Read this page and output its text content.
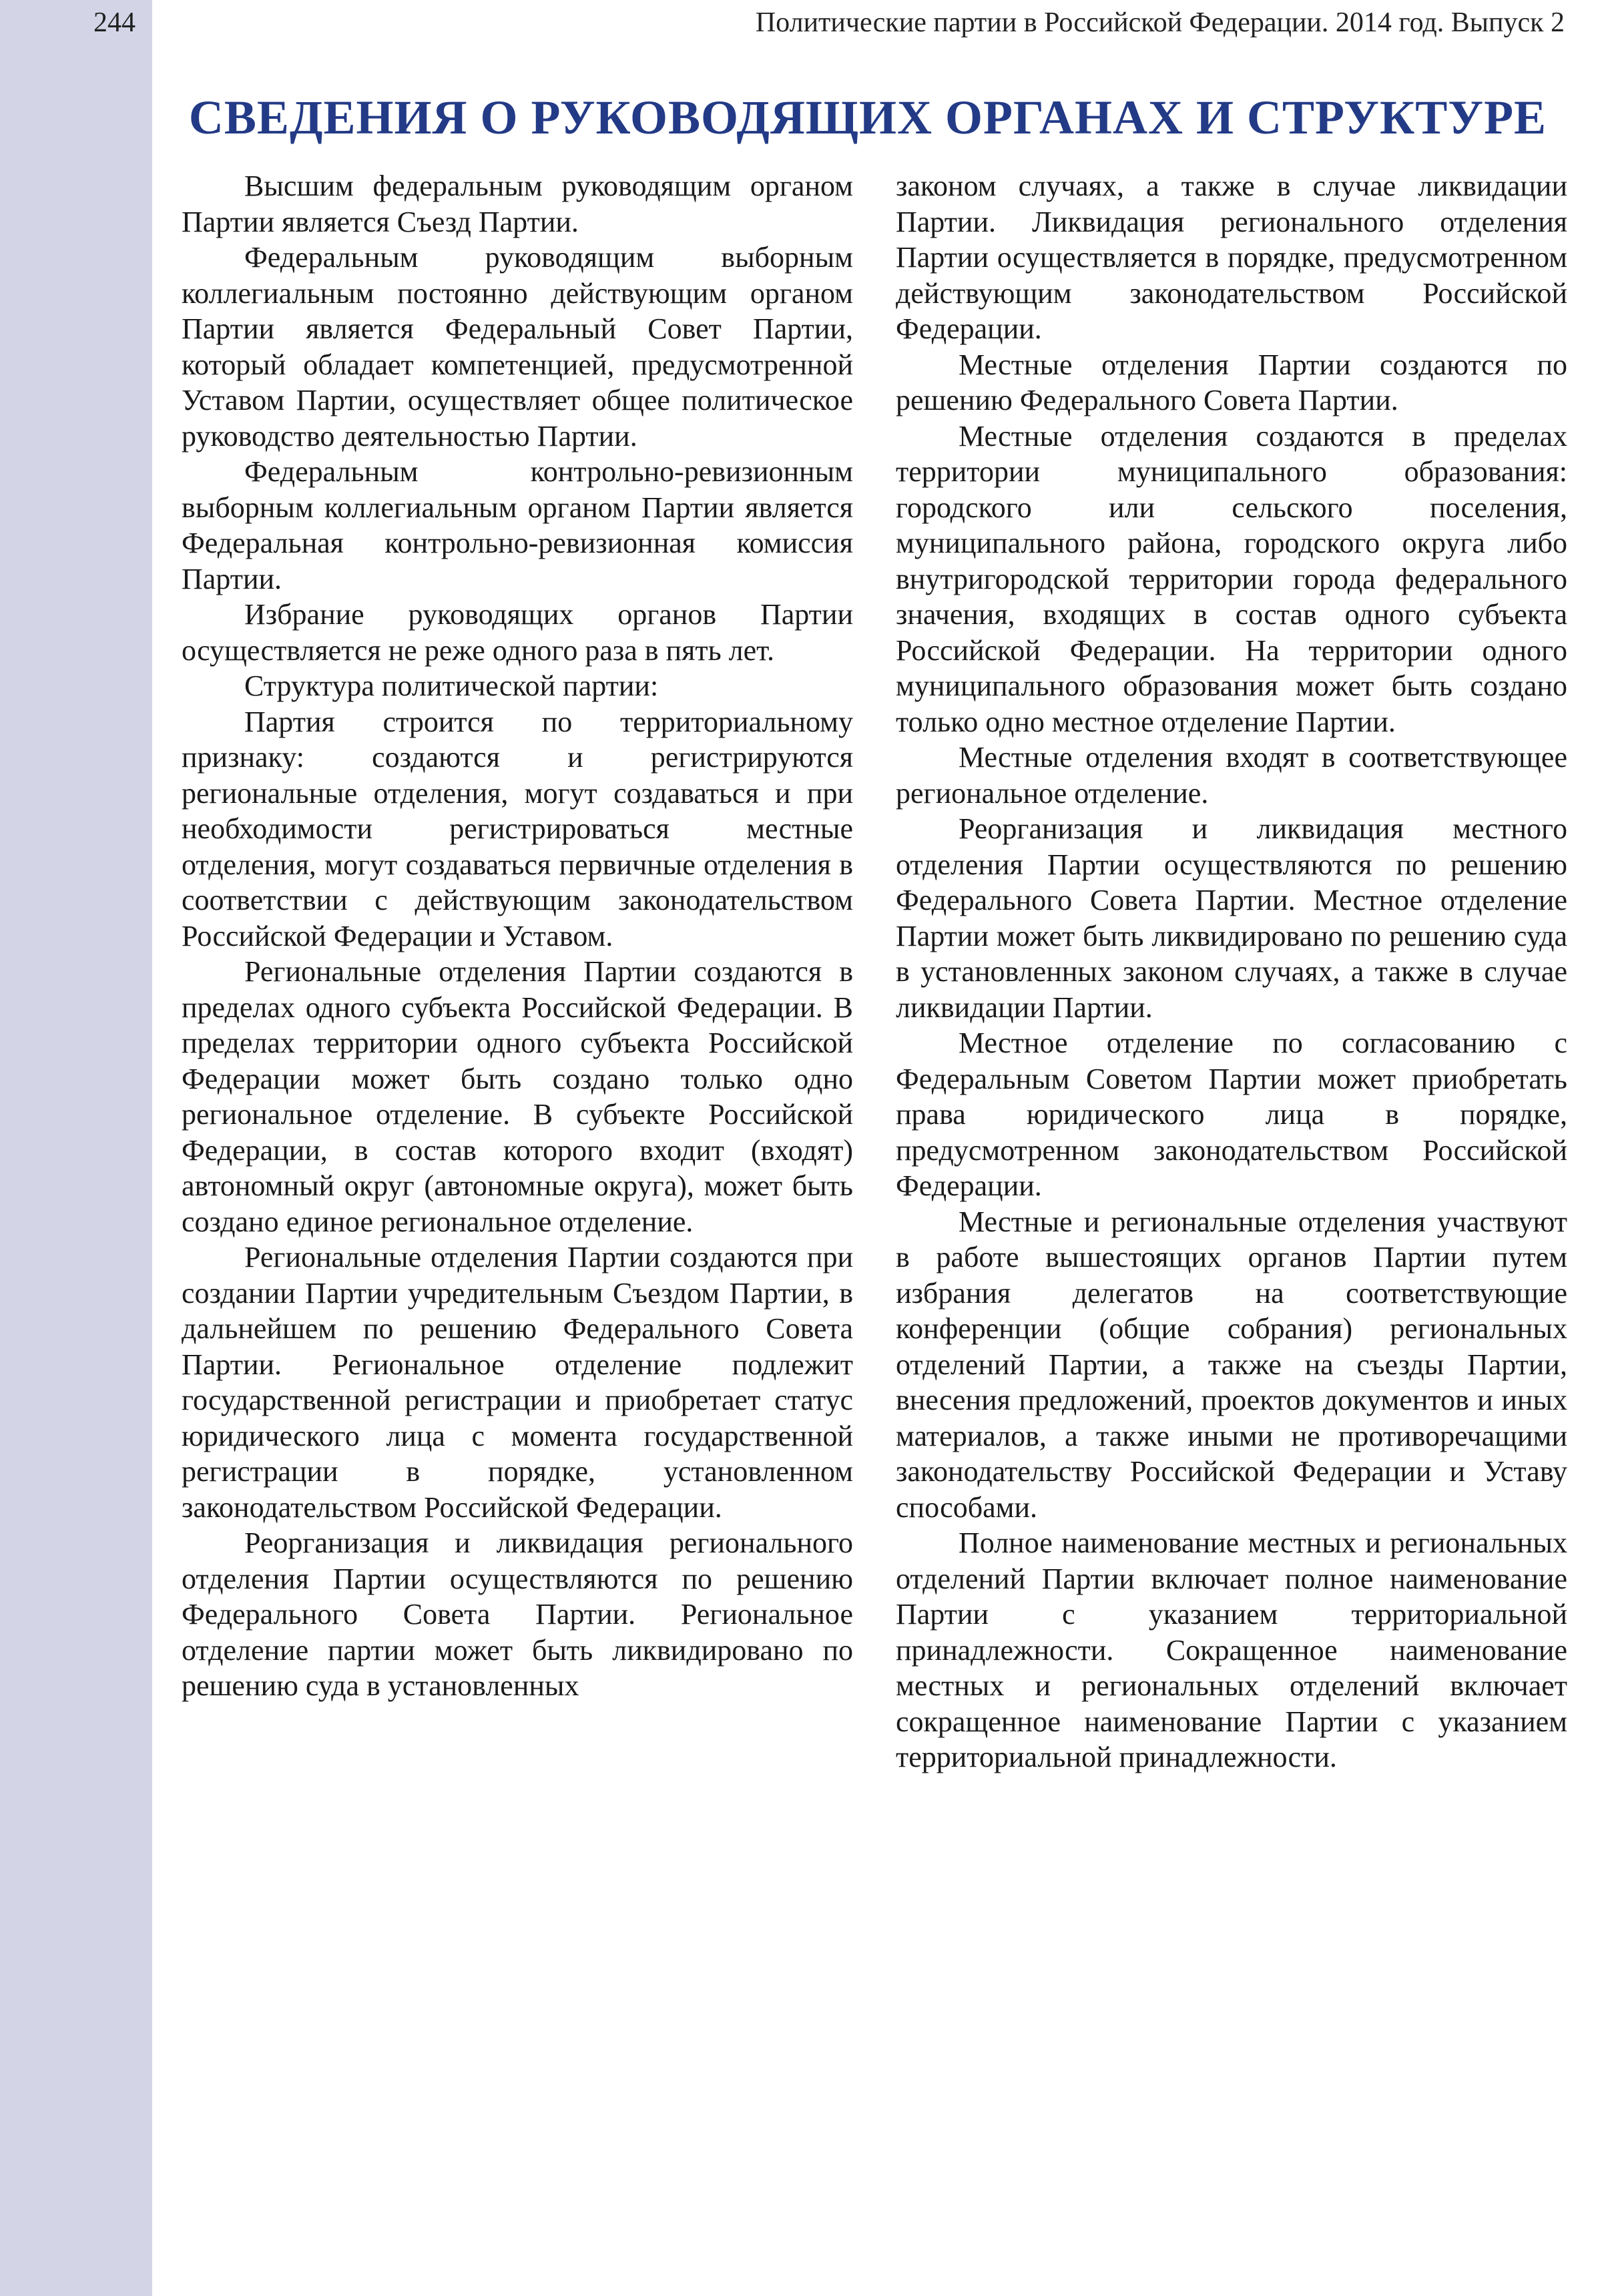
244	Политические партии в Российской Федерации. 2014 год. Выпуск 2
СВЕДЕНИЯ О РУКОВОДЯЩИХ ОРГАНАХ И СТРУКТУРЕ

Высшим федеральным руководящим органом Партии является Съезд Партии.

Федеральным руководящим выборным коллегиальным постоянно действующим органом Партии является Федеральный Совет Партии, который обладает компетенцией, предусмотренной Уставом Партии, осуществляет общее политическое руководство деятельностью Партии.

Федеральным контрольно-ревизионным выборным коллегиальным органом Партии является Федеральная контрольно-ревизионная комиссия Партии.

Избрание руководящих органов Партии осуществляется не реже одного раза в пять лет.

Структура политической партии:

Партия строится по территориальному признаку: создаются и регистрируются региональные отделения, могут создаваться и при необходимости регистрироваться местные отделения, могут создаваться первичные отделения в соответствии с действующим законодательством Российской Федерации и Уставом.

Региональные отделения Партии создаются в пределах одного субъекта Российской Федерации. В пределах территории одного субъекта Российской Федерации может быть создано только одно региональное отделение. В субъекте Российской Федерации, в состав которого входит (входят) автономный округ (автономные округа), может быть создано единое региональное отделение.

Региональные отделения Партии создаются при создании Партии учредительным Съездом Партии, в дальнейшем по решению Федерального Совета Партии. Региональное отделение подлежит государственной регистрации и приобретает статус юридического лица с момента государственной регистрации в порядке, установленном законодательством Российской Федерации.

Реорганизация и ликвидация регионального отделения Партии осуществляются по решению Федерального Совета Партии. Региональное отделение партии может быть ликвидировано по решению суда в установленных

законом случаях, а также в случае ликвидации Партии. Ликвидация регионального отделения Партии осуществляется в порядке, предусмотренном действующим законодательством Российской Федерации.

Местные отделения Партии создаются по решению Федерального Совета Партии.

Местные отделения создаются в пределах территории муниципального образования: городского или сельского поселения, муниципального района, городского округа либо внутригородской территории города федерального значения, входящих в состав одного субъекта Российской Федерации. На территории одного муниципального образования может быть создано только одно местное отделение Партии.

Местные отделения входят в соответствующее региональное отделение.

Реорганизация и ликвидация местного отделения Партии осуществляются по решению Федерального Совета Партии. Местное отделение Партии может быть ликвидировано по решению суда в установленных законом случаях, а также в случае ликвидации Партии.

Местное отделение по согласованию с Федеральным Советом Партии может приобретать права юридического лица в порядке, предусмотренном законодательством Российской Федерации.

Местные и региональные отделения участвуют в работе вышестоящих органов Партии путем избрания делегатов на соответствующие конференции (общие собрания) региональных отделений Партии, а также на съезды Партии, внесения предложений, проектов документов и иных материалов, а также иными не противоречащими законодательству Российской Федерации и Уставу способами.

Полное наименование местных и региональных отделений Партии включает полное наименование Партии с указанием территориальной принадлежности. Сокращенное наименование местных и региональных отделений включает сокращенное наименование Партии с указанием территориальной принадлежности.
